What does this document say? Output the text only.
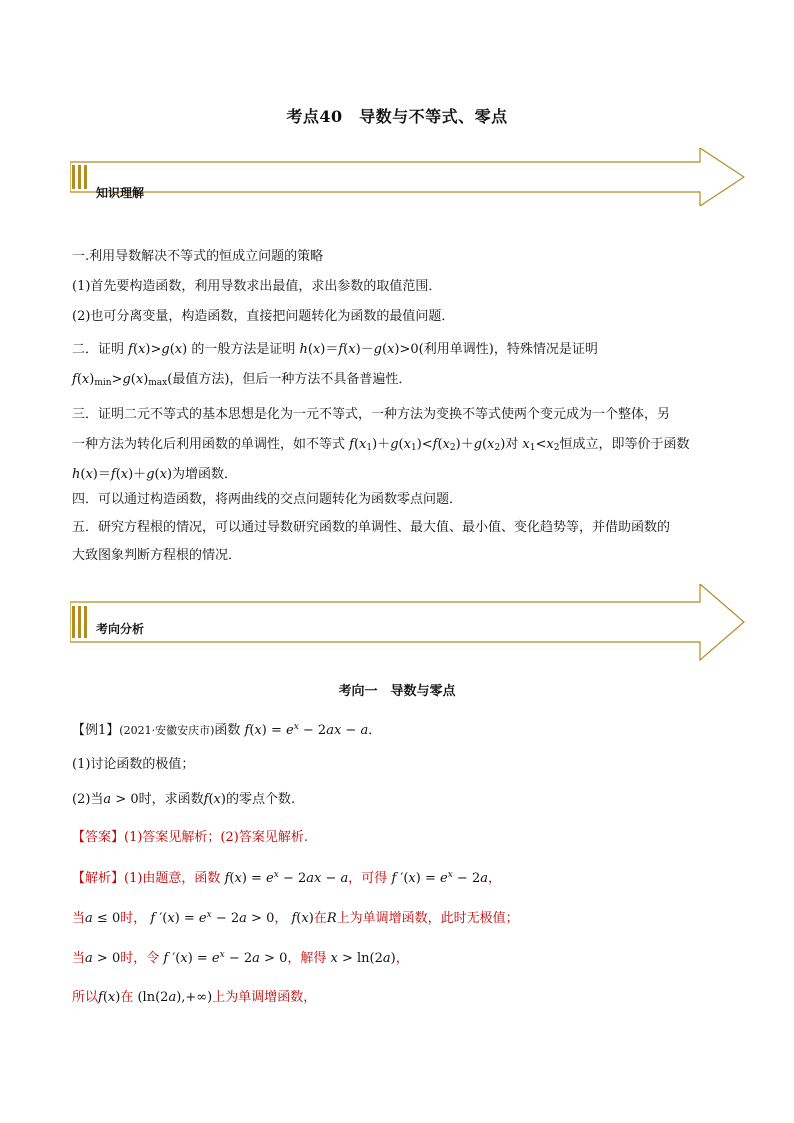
考点40　导数与不等式、零点
知识理解
一.利用导数解决不等式的恒成立问题的策略
(1)首先要构造函数，利用导数求出最值，求出参数的取值范围．
(2)也可分离变量，构造函数，直接把问题转化为函数的最值问题．
二．证明 f(x)>g(x) 的一般方法是证明 h(x)＝f(x)－g(x)>0(利用单调性)，特殊情况是证明
$f(x)_{min}>g(x)_{max}$(最值方法)，但后一种方法不具备普遍性．
三．证明二元不等式的基本思想是化为一元不等式，一种方法为变换不等式使两个变元成为一个整体，另
一种方法为转化后利用函数的单调性，如不等式 $f(x_1)+g(x_1)<f(x_2)+g(x_2)$对 $x_1<x_2$恒成立，即等价于函数
h(x)＝f(x)＋g(x)为增函数．
四．可以通过构造函数，将两曲线的交点问题转化为函数零点问题．
五．研究方程根的情况，可以通过导数研究函数的单调性、最大值、最小值、变化趋势等，并借助函数的
大致图象判断方程根的情况．
考向分析
考向一　导数与零点
【例1】(2021·安徽安庆市)函数 $f(x) = e^x - 2ax - a$．
(1)讨论函数的极值；
(2)当a > 0时，求函数f(x)的零点个数.
【答案】(1)答案见解析；(2)答案见解析.
【解析】(1)由题意，函数 $f(x) = e^x - 2ax - a$，可得 f $'(x) = e^x - 2a$，
当a ≤ 0时， f $'(x) = e^x - 2a > 0$， f(x)在R上为单调增函数，此时无极值；
当a > 0时，令 f $'(x) = e^x - 2a > 0$，解得 x > ln(2a)，
所以f(x)在 (ln(2a),+∞)上为单调增函数，
